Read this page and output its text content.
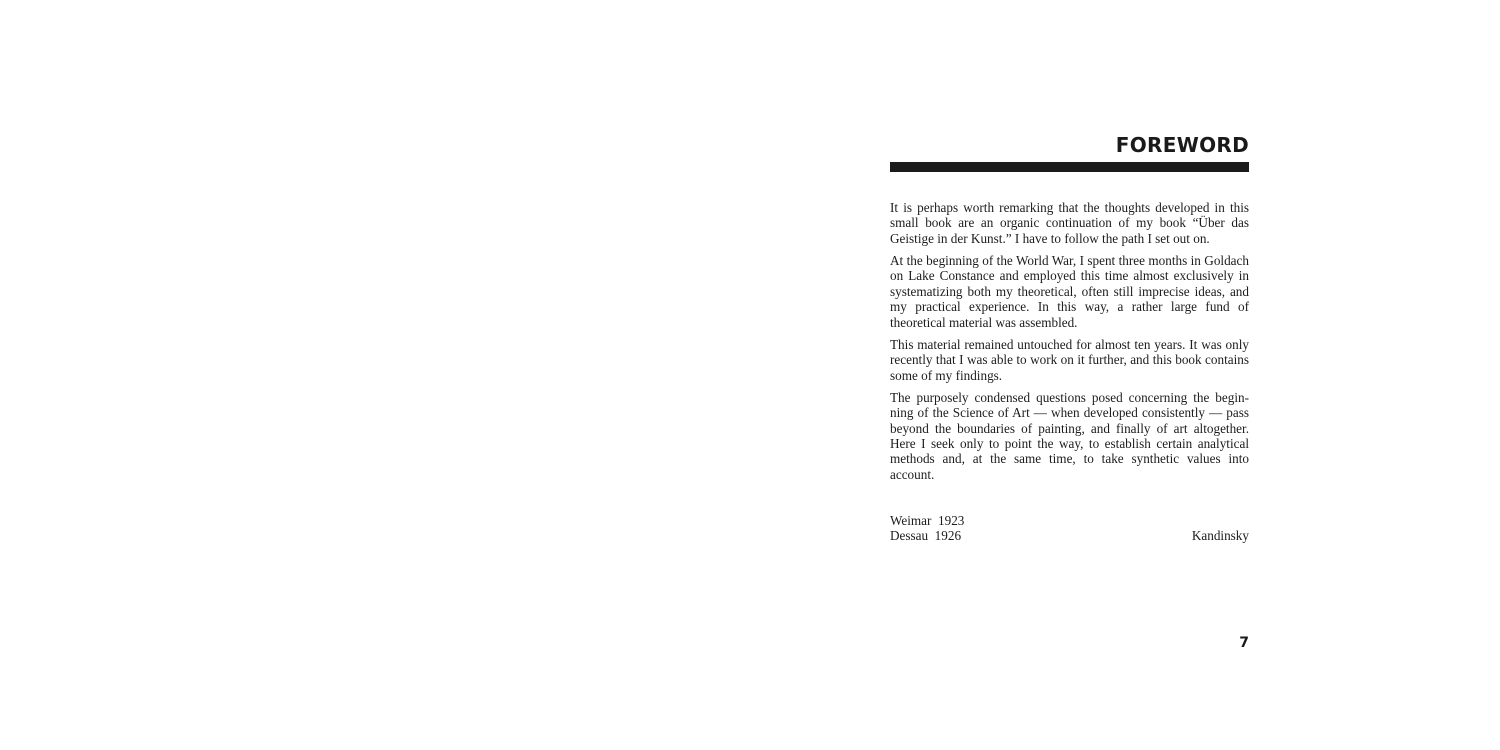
FOREWORD

It is perhaps worth remarking that the thoughts developed in this small book are an organic continuation of my book “Über das Geistige in der Kunst.” I have to follow the path I set out on.

At the beginning of the World War, I spent three months in Goldach on Lake Constance and employed this time almost exclusively in systematizing both my theoretical, often still imprecise ideas, and my practical experience. In this way, a rather large fund of theoretical material was assembled.

This material remained untouched for almost ten years. It was only recently that I was able to work on it further, and this book contains some of my findings.

The purposely condensed questions posed concerning the beginning of the Science of Art — when developed consistently — pass beyond the boundaries of painting, and finally of art altogether. Here I seek only to point the way, to establish certain analytical methods and, at the same time, to take synthetic values into account.

Weimar  1923
Dessau  1926	Kandinsky
7
